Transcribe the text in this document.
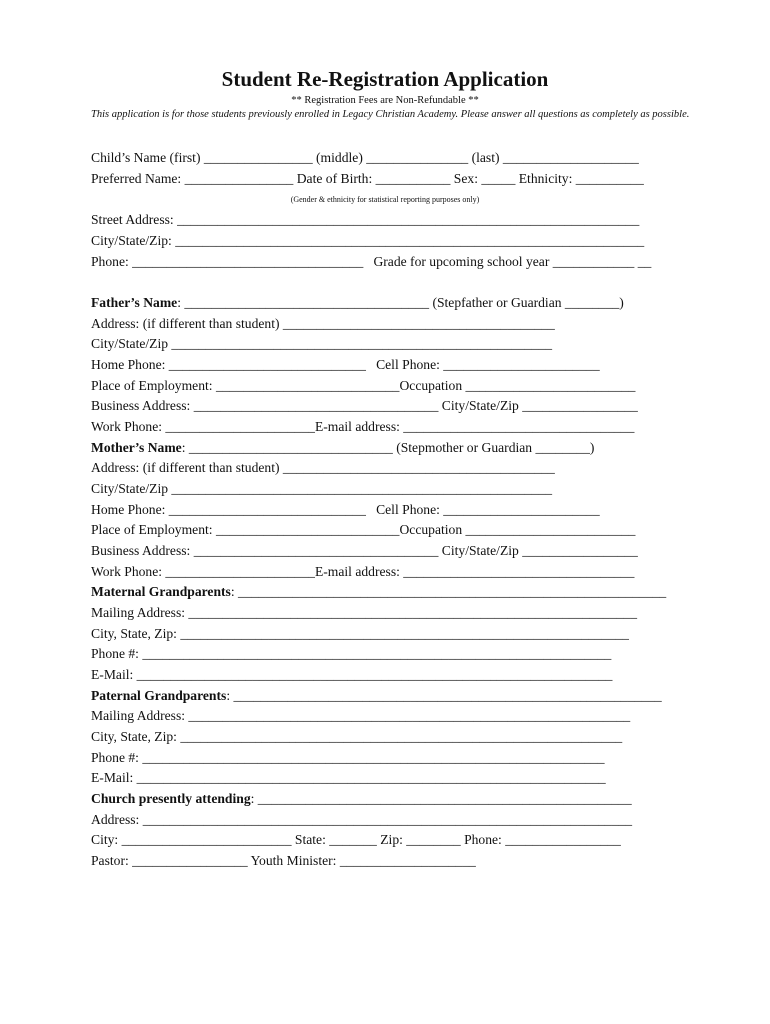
Student Re-Registration Application
** Registration Fees are Non-Refundable **
This application is for those students previously enrolled in Legacy Christian Academy. Please answer all questions as completely as possible.
Child’s Name (first) ________________ (middle) _______________ (last) ____________________
Preferred Name: ________________ Date of Birth: ___________ Sex: _____ Ethnicity: __________
(Gender & ethnicity for statistical reporting purposes only)
Street Address: ____________________________________________________________________
City/State/Zip: _____________________________________________________________________
Phone: __________________________________   Grade for upcoming school year ____________ __
Father’s Name: ____________________________________ (Stepfather or Guardian ________)
Address: (if different than student) ________________________________________
City/State/Zip ________________________________________________________
Home Phone: _____________________________   Cell Phone: _______________________
Place of Employment: ___________________________Occupation _________________________
Business Address: ____________________________________ City/State/Zip _________________
Work Phone: ______________________E-mail address: __________________________________
Mother’s Name: ______________________________ (Stepmother or Guardian ________)
Address: (if different than student) ________________________________________
City/State/Zip ________________________________________________________
Home Phone: _____________________________   Cell Phone: _______________________
Place of Employment: ___________________________Occupation _________________________
Business Address: ____________________________________ City/State/Zip _________________
Work Phone: ______________________E-mail address: __________________________________
Maternal Grandparents: _______________________________________________________________
Mailing Address: __________________________________________________________________
City, State, Zip: __________________________________________________________________
Phone #: _____________________________________________________________________
E-Mail: ______________________________________________________________________
Paternal Grandparents: _______________________________________________________________
Mailing Address: _________________________________________________________________
City, State, Zip: _________________________________________________________________
Phone #: ____________________________________________________________________
E-Mail: _____________________________________________________________________
Church presently attending: _______________________________________________________
Address: ________________________________________________________________________
City: _________________________ State: _______ Zip: ________ Phone: _________________
Pastor: _________________ Youth Minister: ____________________
